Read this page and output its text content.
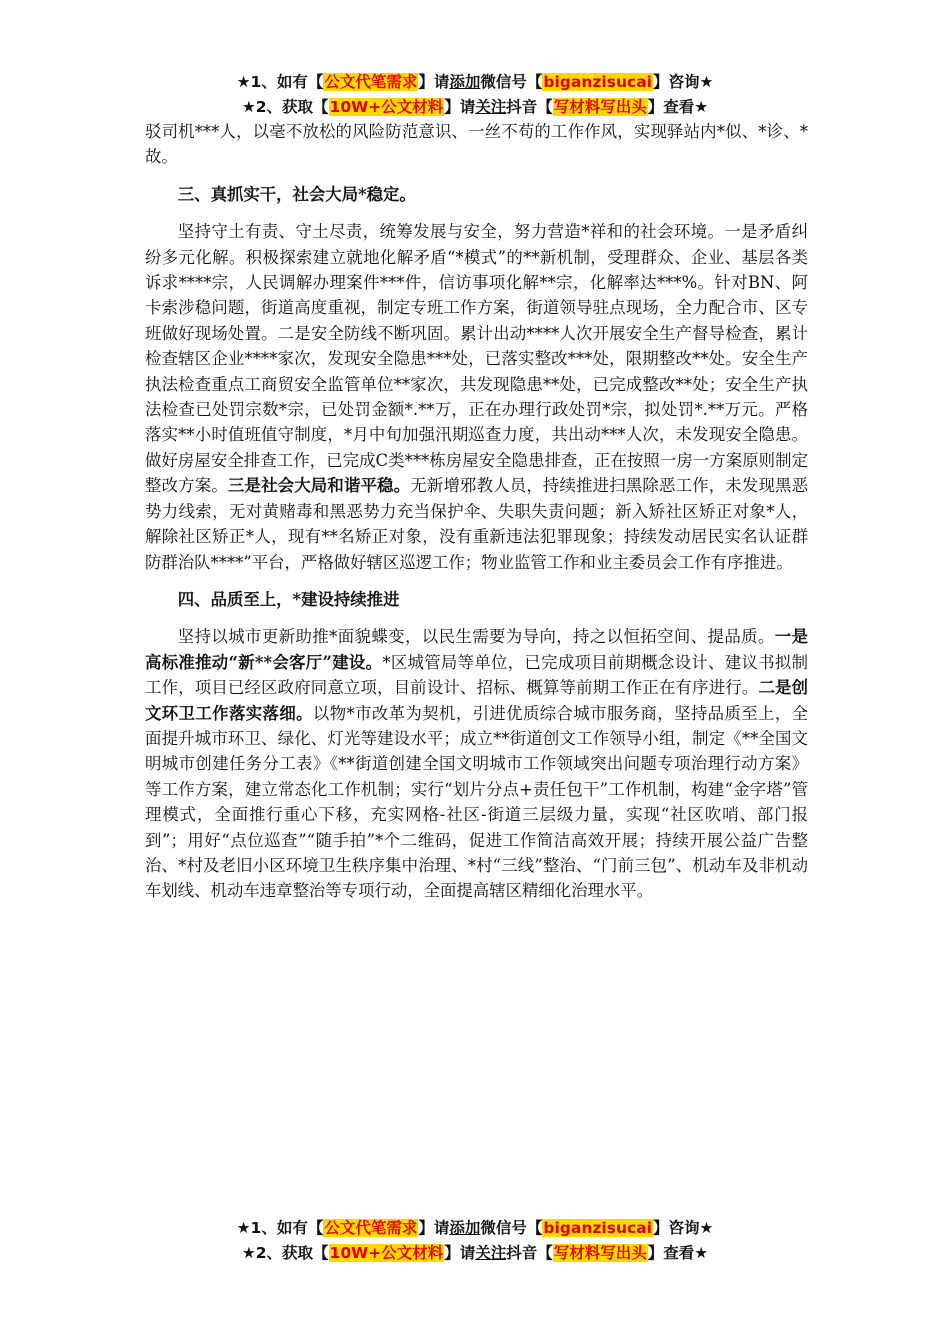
★1、如有【公文代笔需求】请添加微信号【biganzisucai】咨询★
★2、获取【10W+公文材料】请关注抖音【写材料写出头】查看★

驳司机***人，以毫不放松的风险防范意识、一丝不苟的工作作风，实现驿站内*似、*诊、*故。

三、真抓实干，社会大局*稳定。

坚持守土有责、守土尽责，统筹发展与安全，努力营造*祥和的社会环境。一是矛盾纠纷多元化解。积极探索建立就地化解矛盾“*模式”的**新机制，受理群众、企业、基层各类诉求****宗，人民调解办理案件***件，信访事项化解**宗，化解率达***%。针对BN、阿卡索涉稳问题，街道高度重视，制定专班工作方案，街道领导驻点现场，全力配合市、区专班做好现场处置。二是安全防线不断巩固。累计出动****人次开展安全生产督导检查，累计检查辖区企业****家次，发现安全隐患***处，已落实整改***处，限期整改**处。安全生产执法检查重点工商贸安全监管单位**家次，共发现隐患**处，已完成整改**处；安全生产执法检查已处罚宗数*宗，已处罚金额*.**万，正在办理行政处罚*宗，拟处罚*.**万元。严格落实**小时值班值守制度，*月中旬加强汛期巡查力度，共出动***人次，未发现安全隐患。做好房屋安全排查工作，已完成C类***栋房屋安全隐患排查，正在按照一房一方案原则制定整改方案。三是社会大局和谐平稳。无新增邪教人员，持续推进扫黑除恶工作，未发现黑恶势力线索，无对黄赌毒和黑恶势力充当保护伞、失职失责问题；新入矫社区矫正对象*人，解除社区矫正*人，现有**名矫正对象，没有重新违法犯罪现象；持续发动居民实名认证群防群治队****”平台，严格做好辖区巡逻工作；物业监管工作和业主委员会工作有序推进。

四、品质至上，*建设持续推进

坚持以城市更新助推*面貌蝶变，以民生需要为导向，持之以恒拓空间、提品质。一是高标准推动“新**会客厅”建设。*区城管局等单位，已完成项目前期概念设计、建议书拟制工作，项目已经区政府同意立项，目前设计、招标、概算等前期工作正在有序进行。二是创文环卫工作落实落细。以物*市改革为契机，引进优质综合城市服务商，坚持品质至上，全面提升城市环卫、绿化、灯光等建设水平；成立**街道创文工作领导小组，制定《**全国文明城市创建任务分工表》《**街道创建全国文明城市工作领域突出问题专项治理行动方案》等工作方案，建立常态化工作机制；实行“划片分点+责任包干”工作机制，构建“金字塔”管理模式，全面推行重心下移，充实网格-社区-街道三层级力量，实现“社区吹哨、部门报到”；用好“点位巡查”“随手拍”*个二维码，促进工作简洁高效开展；持续开展公益广告整治、*村及老旧小区环境卫生秩序集中治理、*村“三线”整治、“门前三包”、机动车及非机动车划线、机动车违章整治等专项行动，全面提高辖区精细化治理水平。

★1、如有【公文代笔需求】请添加微信号【biganzisucai】咨询★
★2、获取【10W+公文材料】请关注抖音【写材料写出头】查看★
